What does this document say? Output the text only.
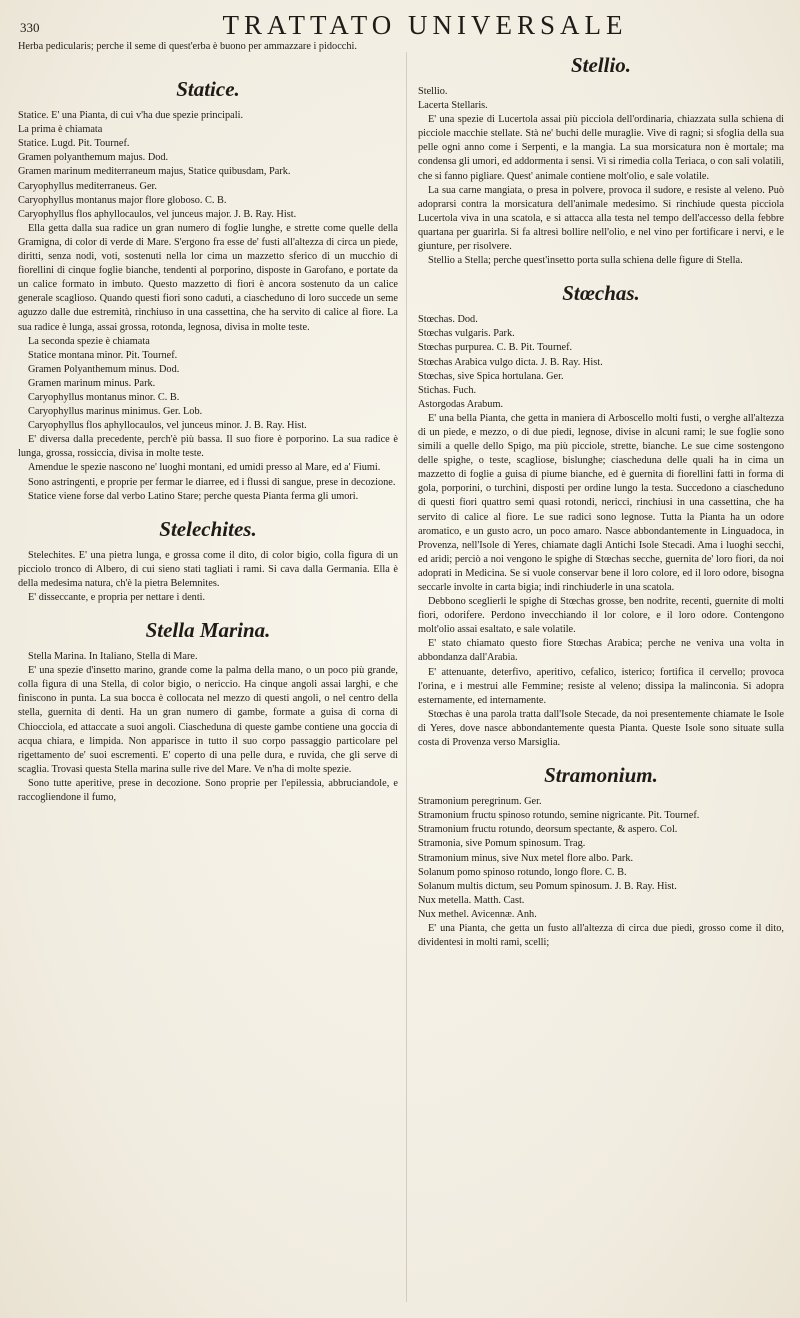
330	TRATTATO UNIVERSALE

Herba pedicularis; perche il seme di quest'erba è buono per ammazzare i pidocchi.

Statice.

Statice. E' una Pianta, di cui v'ha due spezie principali.

La prima è chiamata

Statice. Lugd. Pit. Tournef.

Gramen polyanthemum majus. Dod.

Gramen marinum mediterraneum majus, Statice quibusdam, Park.

Caryophyllus mediterraneus. Ger.

Caryophyllus montanus major flore globoso. C. B.

Caryophyllus flos aphyllocaulos, vel junceus major. J. B. Ray. Hist.

Ella getta dalla sua radice un gran numero di foglie lunghe, e strette come quelle della Gramigna, di color di verde di Mare. S'ergono fra esse de' fusti all'altezza di circa un piede, diritti, senza nodi, voti, sostenuti nella lor cima un mazzetto sferico di un mucchio di fiorellini di cinque foglie bianche, tendenti al porporino, disposte in Garofano, e portate da un calice formato in imbuto. Questo mazzetto di fiori è ancora sostenuto da un calice generale scaglioso. Quando questi fiori sono caduti, a ciascheduno di loro succede un seme aguzzo dalle due estremità, rinchiuso in una cassettina, che ha servito di calice al fiore. La sua radice è lunga, assai grossa, rotonda, legnosa, divisa in molte teste.

La seconda spezie è chiamata

Statice montana minor. Pit. Tournef.

Gramen Polyanthemum minus. Dod.

Gramen marinum minus. Park.

Caryophyllus montanus minor. C. B.

Caryophyllus marinus minimus. Ger. Lob.

Caryophyllus flos aphyllocaulos, vel junceus minor. J. B. Ray. Hist.

E' diversa dalla precedente, perch'è più bassa. Il suo fiore è porporino. La sua radice è lunga, grossa, rossiccia, divisa in molte teste.

Amendue le spezie nascono ne' luoghi montani, ed umidi presso al Mare, ed a' Fiumi.

Sono astringenti, e proprie per fermar le diarree, ed i flussi di sangue, prese in decozione.

Statice viene forse dal verbo Latino Stare; perche questa Pianta ferma gli umori.

Stelechites.

Stelechites. E' una pietra lunga, e grossa come il dito, di color bigio, colla figura di un picciolo tronco di Albero, di cui sieno stati tagliati i rami. Si cava dalla Germania. Ella è della medesima natura, ch'è la pietra Belemnites.

E' disseccante, e propria per nettare i denti.

Stella Marina.

Stella Marina. In Italiano, Stella di Mare.

E' una spezie d'insetto marino, grande come la palma della mano, o un poco più grande, colla figura di una Stella, di color bigio, o nericcio. Ha cinque angoli assai larghi, e che finiscono in punta. La sua bocca è collocata nel mezzo di questi angoli, o nel centro della stella, guernita di denti. Ha un gran numero di gambe, formate a guisa di corna di Chiocciola, ed attaccate a suoi angoli. Ciascheduna di queste gambe contiene una goccia di acqua chiara, e limpida. Non apparisce in tutto il suo corpo passaggio particolare pel rigettamento de' suoi escrementi. E' coperto di una pelle dura, e ruvida, che gli serve di scaglia. Trovasi questa Stella marina sulle rive del Mare. Ve n'ha di molte spezie.

Sono tutte aperitive, prese in decozione. Sono proprie per l'epilessia, abbruciandole, e raccogliendone il fumo,

Stellio.

Stellio.

Lacerta Stellaris.

E' una spezie di Lucertola assai più picciola dell'ordinaria, chiazzata sulla schiena di picciole macchie stellate. Stà ne' buchi delle muraglie. Vive di ragni; si sfoglia della sua pelle ogni anno come i Serpenti, e la mangia. La sua morsicatura non è mortale; ma condensa gli umori, ed addormenta i sensi. Vi si rimedia colla Teriaca, o con sali volatili, che si fanno pigliare. Quest' animale contiene molt'olio, e sale volatile.

La sua carne mangiata, o presa in polvere, provoca il sudore, e resiste al veleno. Può adoprarsi contra la morsicatura dell'animale medesimo. Si rinchiude questa picciola Lucertola viva in una scatola, e si attacca alla testa nel tempo dell'accesso della febbre quartana per guarirla. Si fa altresì bollire nell'olio, e nel vino per fortificare i nervi, e le giunture, per risolvere.

Stellio a Stella; perche quest'insetto porta sulla schiena delle figure di Stella.

Stœchas.

Stœchas. Dod.

Stœchas vulgaris. Park.

Stœchas purpurea. C. B. Pit. Tournef.

Stœchas Arabica vulgo dicta. J. B. Ray. Hist.

Stœchas, sive Spica hortulana. Ger.

Stichas. Fuch.

Astorgodas Arabum.

E' una bella Pianta, che getta in maniera di Arboscello molti fusti, o verghe all'altezza di un piede, e mezzo, o di due piedi, legnose, divise in alcuni rami; le sue foglie sono simili a quelle dello Spigo, ma più picciole, strette, bianche. Le sue cime sostengono delle spighe, o teste, scagliose, bislunghe; ciascheduna delle quali ha in cima un mazzetto di foglie a guisa di piume bianche, ed è guernita di fiorellini fatti in forma di gola, porporini, o turchini, disposti per ordine lungo la testa. Succedono a ciascheduno di questi fiori quattro semi quasi rotondi, nericci, rinchiusi in una cassettina, che ha servito di calice al fiore. Le sue radici sono legnose. Tutta la Pianta ha un odore aromatico, e un gusto acro, un poco amaro. Nasce abbondantemente in Linguadoca, in Provenza, nell'Isole di Yeres, chiamate dagli Antichi Isole Stecadi. Ama i luoghi secchi, ed aridi; perciò a noi vengono le spighe di Stœchas secche, guernita de' loro fiori, da noi adoprati in Medicina. Se si vuole conservar bene il loro colore, ed il loro odore, bisogna seccarle involte in carta bigia; indi rinchiuderle in una scatola.

Debbono sceglierli le spighe di Stœchas grosse, ben nodrite, recenti, guernite di molti fiori, odorifere. Perdono invecchiando il lor colore, e il loro odore. Contengono molt'olio assai esaltato, e sale volatile.

E' stato chiamato questo fiore Stœchas Arabica; perche ne veniva una volta in abbondanza dall'Arabia.

E' attenuante, deterfivo, aperitivo, cefalico, isterico; fortifica il cervello; provoca l'orina, e i mestrui alle Femmine; resiste al veleno; dissipa la malinconia. Si adopra esternamente, ed internamente.

Stœchas è una parola tratta dall'Isole Stecade, da noi presentemente chiamate le Isole di Yeres, dove nasce abbondantemente questa Pianta. Queste Isole sono situate sulla costa di Provenza verso Marsiglia.

Stramonium.

Stramonium peregrinum. Ger.

Stramonium fructu spinoso rotundo, semine nigricante. Pit. Tournef.

Stramonium fructu rotundo, deorsum spectante, & aspero. Col.

Stramonia, sive Pomum spinosum. Trag.

Stramonium minus, sive Nux metel flore albo. Park.

Solanum pomo spinoso rotundo, longo flore. C. B.

Solanum multis dictum, seu Pomum spinosum. J. B. Ray. Hist.

Nux metella. Matth. Cast.

Nux methel. Avicennæ. Anh.

E' una Pianta, che getta un fusto all'altezza di circa due piedi, grosso come il dito, dividentesi in molti rami, scelli;
